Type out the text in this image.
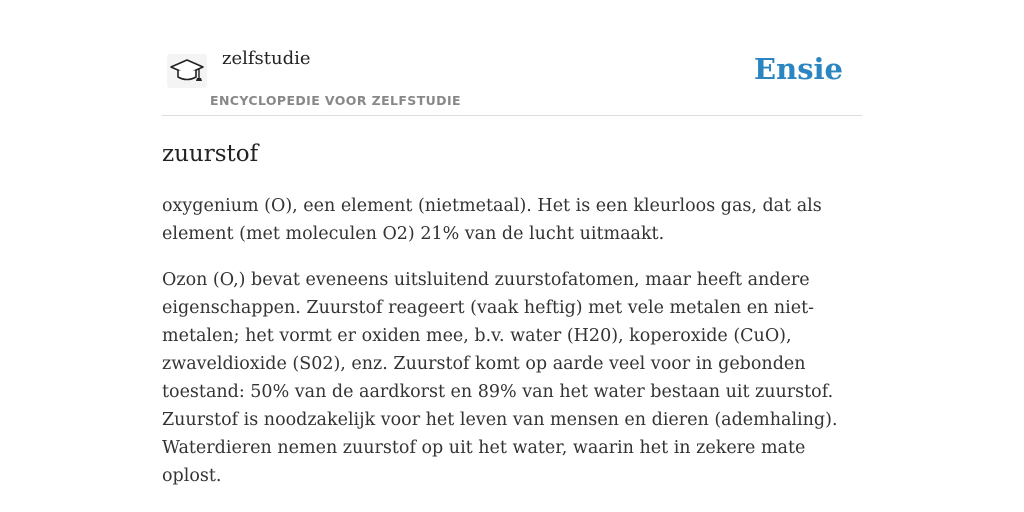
zelfstudie
ENCYCLOPEDIE VOOR ZELFSTUDIE
Ensie
zuurstof

oxygenium (O), een element (nietmetaal). Het is een kleurloos gas, dat als element (met moleculen O2) 21% van de lucht uitmaakt.

Ozon (O,) bevat eveneens uitsluitend zuurstofatomen, maar heeft andere eigenschappen. Zuurstof reageert (vaak heftig) met vele metalen en niet-metalen; het vormt er oxiden mee, b.v. water (H20), koperoxide (CuO), zwaveldioxide (S02), enz. Zuurstof komt op aarde veel voor in gebonden toestand: 50% van de aardkorst en 89% van het water bestaan uit zuurstof. Zuurstof is noodzakelijk voor het leven van mensen en dieren (ademhaling). Waterdieren nemen zuurstof op uit het water, waarin het in zekere mate oplost.
